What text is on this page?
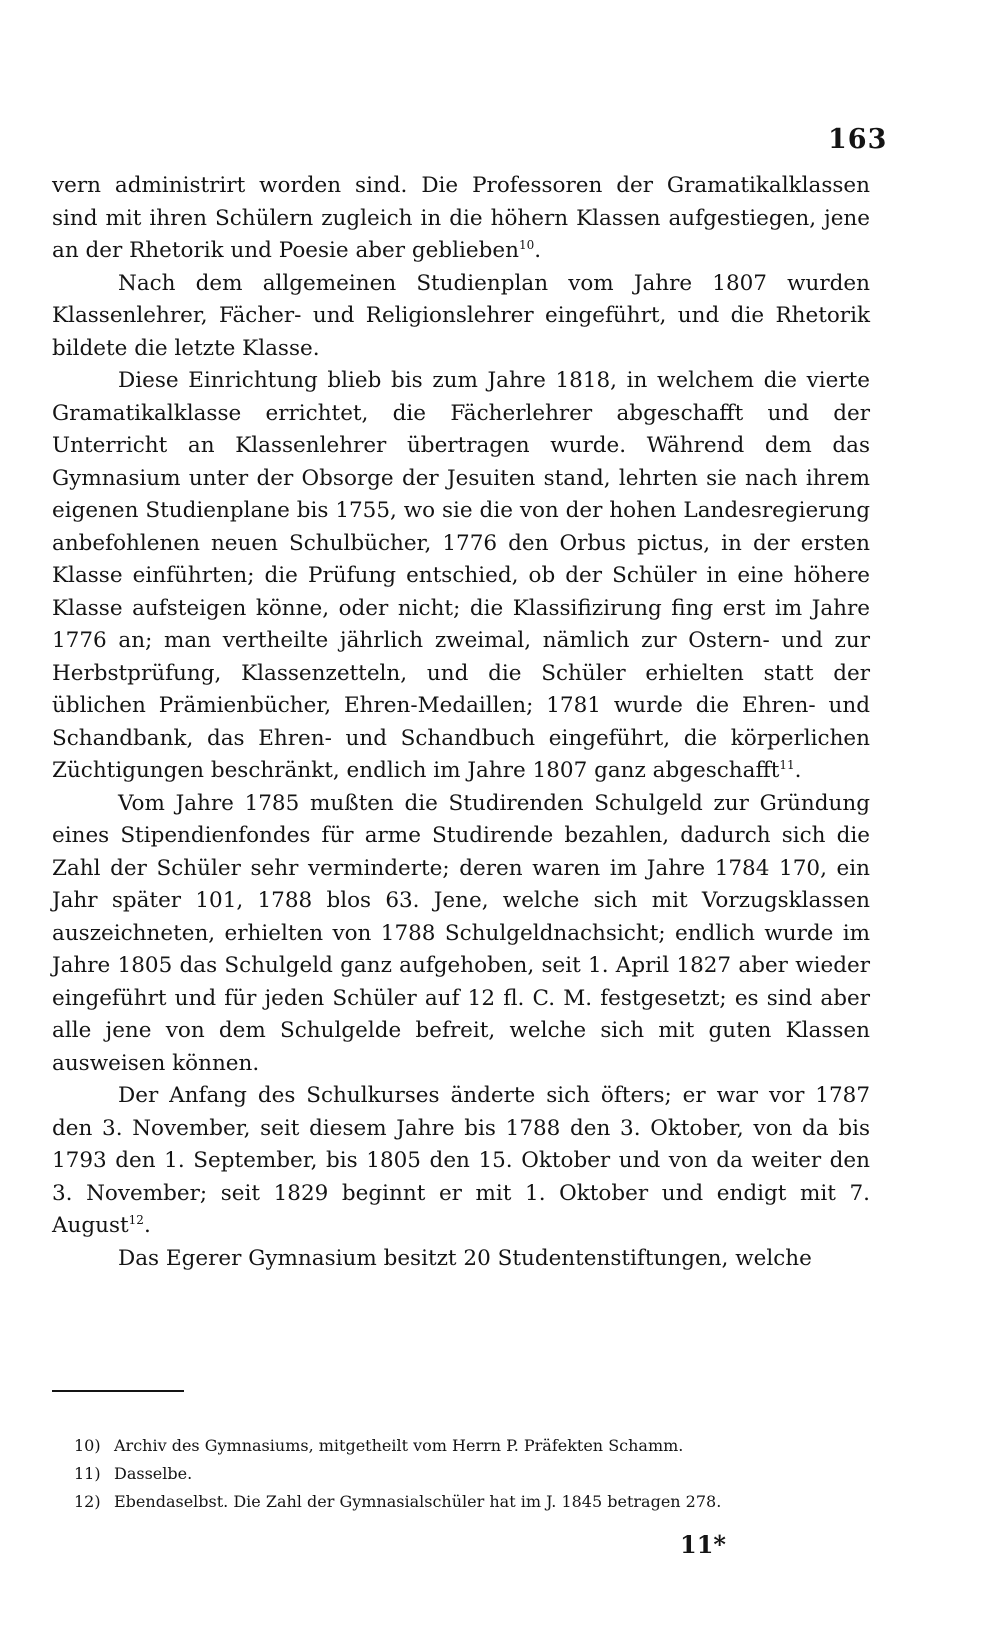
163

vern administrirt worden sind. Die Professoren der Gramatikalklassen sind mit ihren Schülern zugleich in die höhern Klassen aufgestiegen, jene an der Rhetorik und Poesie aber geblieben$^{10}$.

Nach dem allgemeinen Studienplan vom Jahre 1807 wurden Klassenlehrer, Fächer- und Religionslehrer eingeführt, und die Rhetorik bildete die letzte Klasse.

Diese Einrichtung blieb bis zum Jahre 1818, in welchem die vierte Gramatikalklasse errichtet, die Fächerlehrer abgeschafft und der Unterricht an Klassenlehrer übertragen wurde. Während dem das Gymnasium unter der Obsorge der Jesuiten stand, lehrten sie nach ihrem eigenen Studienplane bis 1755, wo sie die von der hohen Landesregierung anbefohlenen neuen Schulbücher, 1776 den Orbus pictus, in der ersten Klasse einführten; die Prüfung entschied, ob der Schüler in eine höhere Klasse aufsteigen könne, oder nicht; die Klassifizirung fing erst im Jahre 1776 an; man vertheilte jährlich zweimal, nämlich zur Ostern- und zur Herbstprüfung, Klassenzetteln, und die Schüler erhielten statt der üblichen Prämienbücher, Ehren-Medaillen; 1781 wurde die Ehren- und Schandbank, das Ehren- und Schandbuch eingeführt, die körperlichen Züchtigungen beschränkt, endlich im Jahre 1807 ganz abgeschafft$^{11}$.

Vom Jahre 1785 mußten die Studirenden Schulgeld zur Gründung eines Stipendienfondes für arme Studirende bezahlen, dadurch sich die Zahl der Schüler sehr verminderte; deren waren im Jahre 1784 170, ein Jahr später 101, 1788 blos 63. Jene, welche sich mit Vorzugsklassen auszeichneten, erhielten von 1788 Schulgeldnachsicht; endlich wurde im Jahre 1805 das Schulgeld ganz aufgehoben, seit 1. April 1827 aber wieder eingeführt und für jeden Schüler auf 12 fl. C. M. festgesetzt; es sind aber alle jene von dem Schulgelde befreit, welche sich mit guten Klassen ausweisen können.

Der Anfang des Schulkurses änderte sich öfters; er war vor 1787 den 3. November, seit diesem Jahre bis 1788 den 3. Oktober, von da bis 1793 den 1. September, bis 1805 den 15. Oktober und von da weiter den 3. November; seit 1829 beginnt er mit 1. Oktober und endigt mit 7. August$^{12}$.

Das Egerer Gymnasium besitzt 20 Studentenstiftungen, welche

10) Archiv des Gymnasiums, mitgetheilt vom Herrn P. Präfekten Schamm.
11) Dasselbe.
12) Ebendaselbst. Die Zahl der Gymnasialschüler hat im J. 1845 betragen 278.
11*
